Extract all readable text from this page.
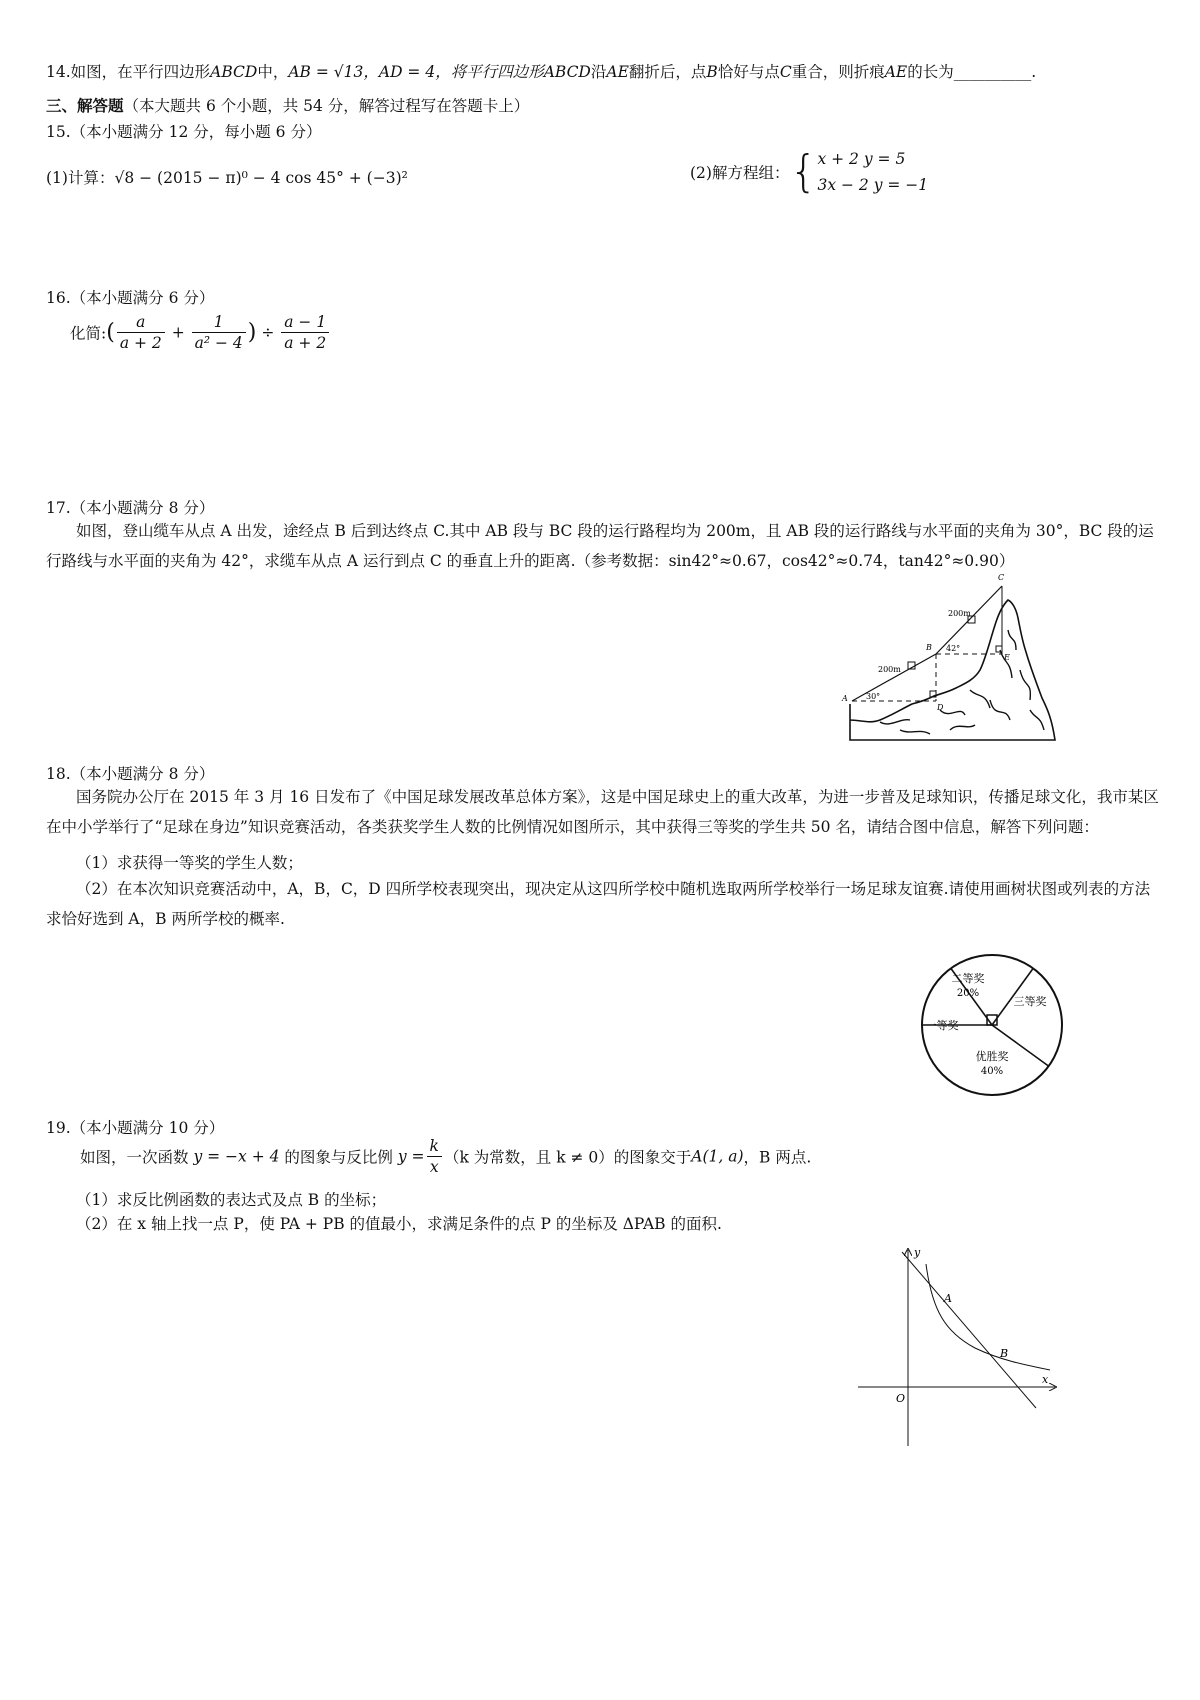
14.如图，在平行四边形ABCD中，AB = √13，AD = 4，将平行四边形ABCD沿AE翻折后，点B恰好与点C重合，则折痕AE的长为__________.
三、解答题（本大题共 6 个小题，共 54 分，解答过程写在答题卡上）
15.（本小题满分 12 分，每小题 6 分）
(1)计算：√8 − (2015 − π)⁰ − 4 cos 45° + (−3)²	(2)解方程组：{ x + 2 y = 5
3x − 2 y = −1
16.（本小题满分 6 分）
化简:( $\frac{a}{a + 2} + \frac{1}{\text{a² − 4}}$ ) ÷ $\frac{a - 1}{a + 2}$
17.（本小题满分 8 分）
如图，登山缆车从点 A 出发，途经点 B 后到达终点 C.其中 AB 段与 BC 段的运行路程均为 200m，且 AB 段的运行路线与水平面的夹角为 30°，BC 段的运行路线与水平面的夹角为 42°，求缆车从点 A 运行到点 C 的垂直上升的距离.（参考数据：sin42°≈0.67，cos42°≈0.74，tan42°≈0.90）
A
B
C
D
E
200m
200m
30°
42°
18.（本小题满分 8 分）
国务院办公厅在 2015 年 3 月 16 日发布了《中国足球发展改革总体方案》，这是中国足球史上的重大改革，为进一步普及足球知识，传播足球文化，我市某区在中小学举行了“足球在身边”知识竞赛活动，各类获奖学生人数的比例情况如图所示，其中获得三等奖的学生共 50 名，请结合图中信息，解答下列问题：
（1）求获得一等奖的学生人数；
（2）在本次知识竞赛活动中，A，B，C，D 四所学校表现突出，现决定从这四所学校中随机选取两所学校举行一场足球友谊赛.请使用画树状图或列表的方法求恰好选到 A，B 两所学校的概率.
二等奖
20%
三等奖
一等奖
优胜奖
40%
19.（本小题满分 10 分）
如图，一次函数 y = −x + 4 的图象与反比例 $y = \frac{k}{x} (k$ 为常数，且 k ≠ 0）的图象交于A(1, a)，B 两点.
（1）求反比例函数的表达式及点 B 的坐标；
（2）在 x 轴上找一点 P，使 PA + PB 的值最小，求满足条件的点 P 的坐标及 ΔPAB 的面积.
y
x
O
A
B
